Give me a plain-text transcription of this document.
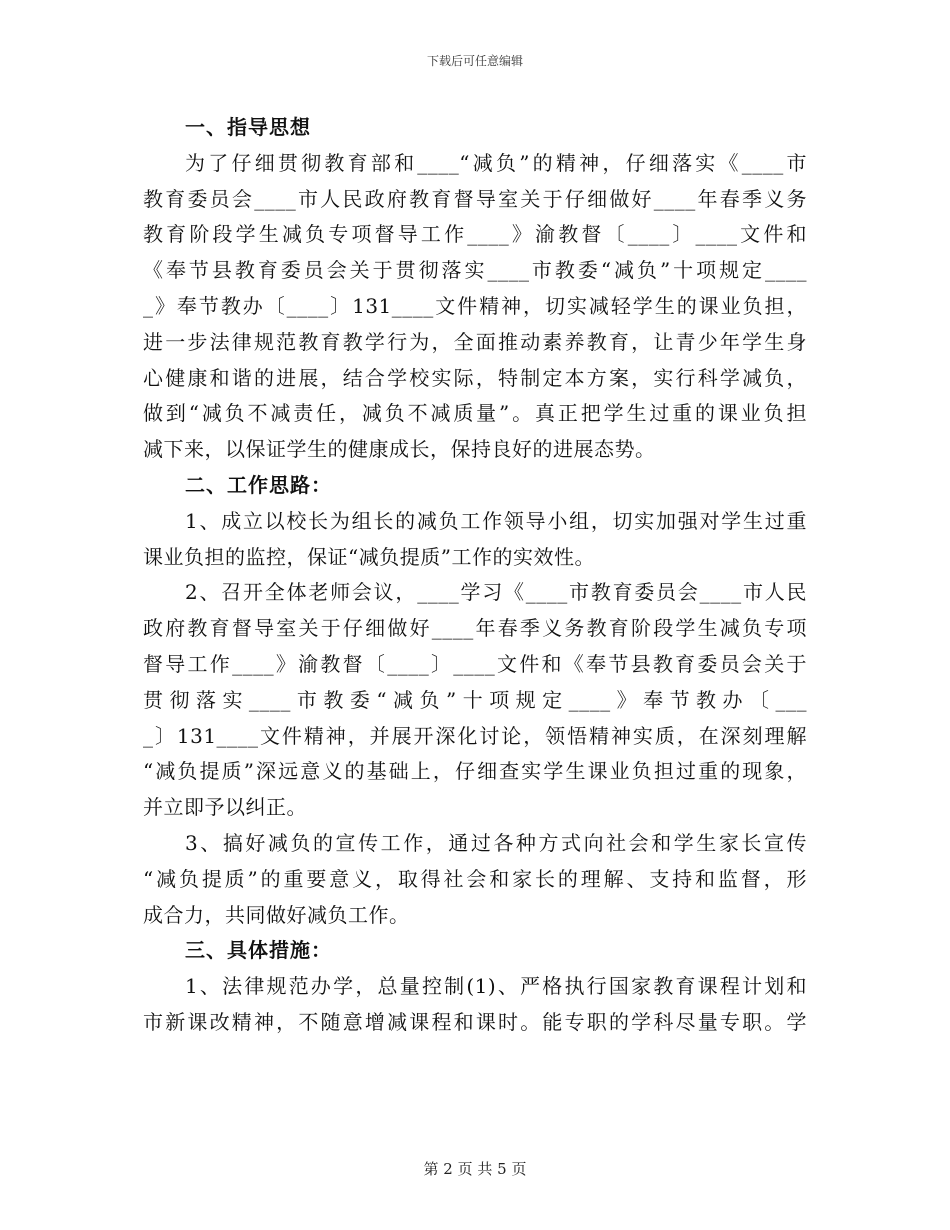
下载后可任意编辑
一、指导思想
为了仔细贯彻教育部和____“减负”的精神，仔细落实《____市
教育委员会____市人民政府教育督导室关于仔细做好____年春季义务
教育阶段学生减负专项督导工作____》渝教督〔____〕____文件和
《奉节县教育委员会关于贯彻落实____市教委“减负”十项规定____
_》奉节教办〔____〕131____文件精神，切实减轻学生的课业负担，
进一步法律规范教育教学行为，全面推动素养教育，让青少年学生身
心健康和谐的进展，结合学校实际，特制定本方案，实行科学减负，
做到“减负不减责任，减负不减质量”。真正把学生过重的课业负担
减下来，以保证学生的健康成长，保持良好的进展态势。
二、工作思路：
1、成立以校长为组长的减负工作领导小组，切实加强对学生过重
课业负担的监控，保证“减负提质”工作的实效性。
2、召开全体老师会议，____学习《____市教育委员会____市人民
政府教育督导室关于仔细做好____年春季义务教育阶段学生减负专项
督导工作____》渝教督〔____〕____文件和《奉节县教育委员会关于
贯彻落实____市教委“减负”十项规定____》奉节教办〔___
_〕131____文件精神，并展开深化讨论，领悟精神实质，在深刻理解
“减负提质”深远意义的基础上，仔细查实学生课业负担过重的现象，
并立即予以纠正。
3、搞好减负的宣传工作，通过各种方式向社会和学生家长宣传
“减负提质”的重要意义，取得社会和家长的理解、支持和监督，形
成合力，共同做好减负工作。
三、具体措施：
1、法律规范办学，总量控制(1)、严格执行国家教育课程计划和
市新课改精神，不随意增减课程和课时。能专职的学科尽量专职。学
第 2 页 共 5 页
